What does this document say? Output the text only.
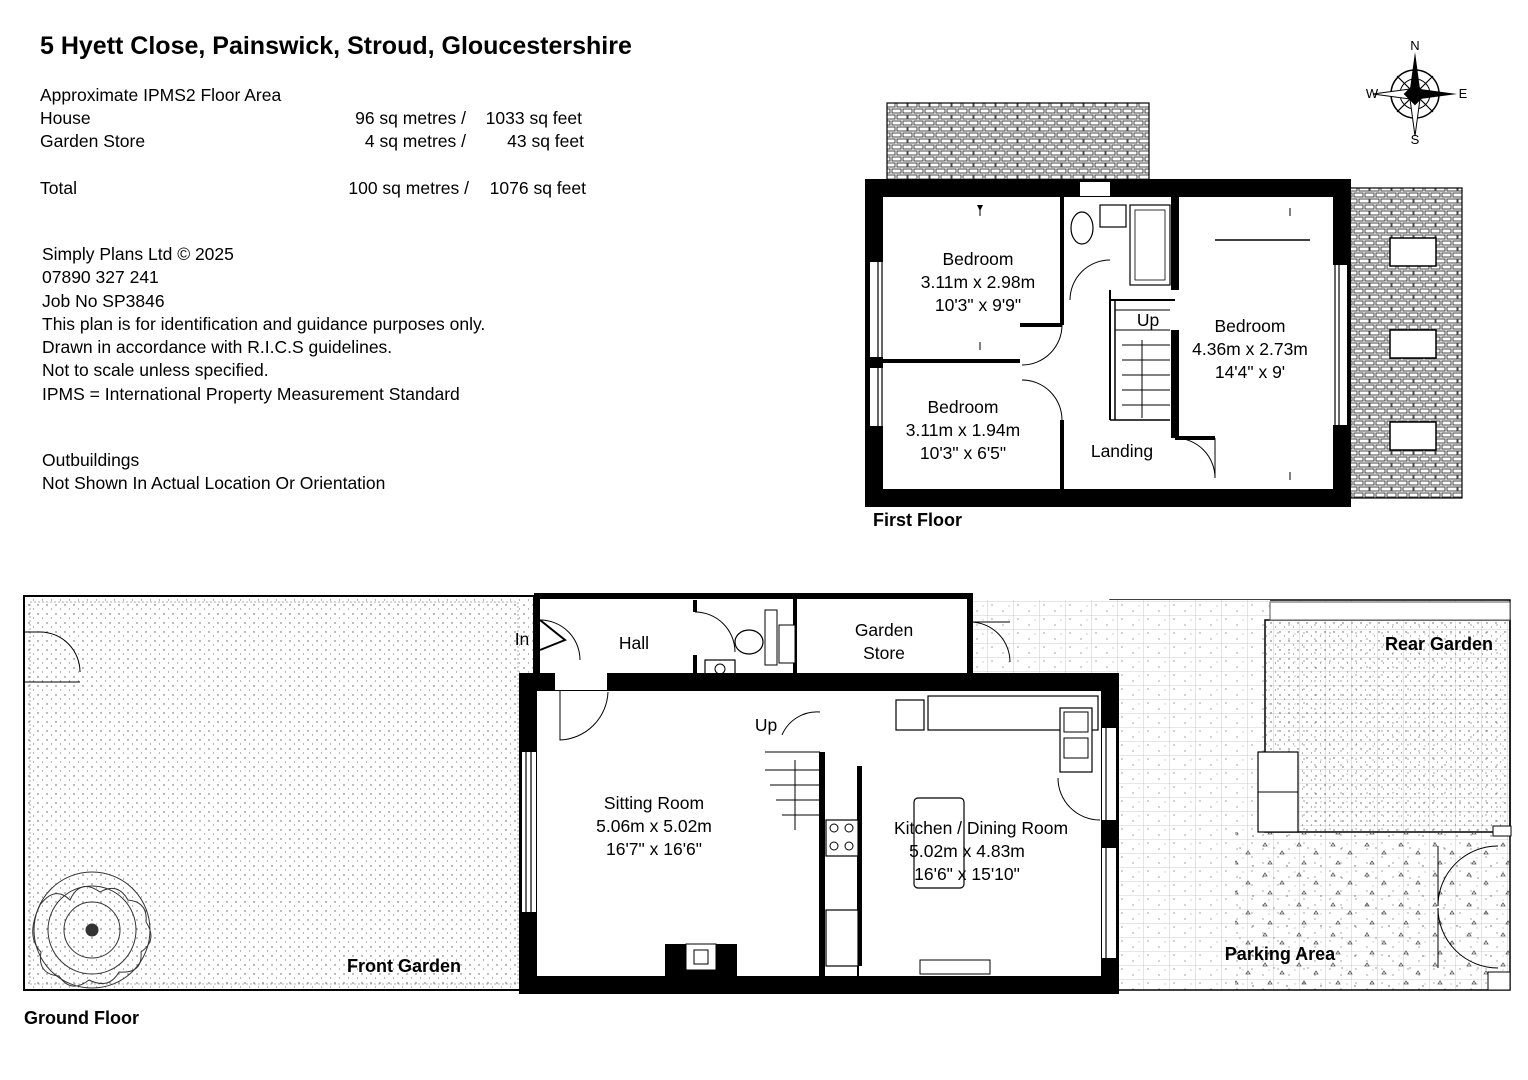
5 Hyett Close, Painswick, Stroud, Gloucestershire
Approximate IPMS2 Floor Area
House	96 sq metres / 1033 sq feet
Garden Store	4 sq metres / 43 sq feet
Total	100 sq metres / 1076 sq feet
Simply Plans Ltd © 2025
07890 327 241
Job No SP3846
This plan is for identification and guidance purposes only.
Drawn in accordance with R.I.C.S guidelines.
Not to scale unless specified.
IPMS = International Property Measurement Standard
Outbuildings
Not Shown In Actual Location Or Orientation
N
S
E
W
Bedroom
3.11m x 2.98m
10'3" x 9'9"
Bedroom
3.11m x 1.94m
10'3" x 6'5"
Bedroom
4.36m x 2.73m
14'4" x 9'
Landing
Up
First Floor
Hall
In
Up
Garden
Store
Sitting Room
5.06m x 5.02m
16'7" x 16'6"
Kitchen / Dining Room
5.02m x 4.83m
16'6" x 15'10"
Front Garden
Rear Garden
Parking Area
Ground Floor
